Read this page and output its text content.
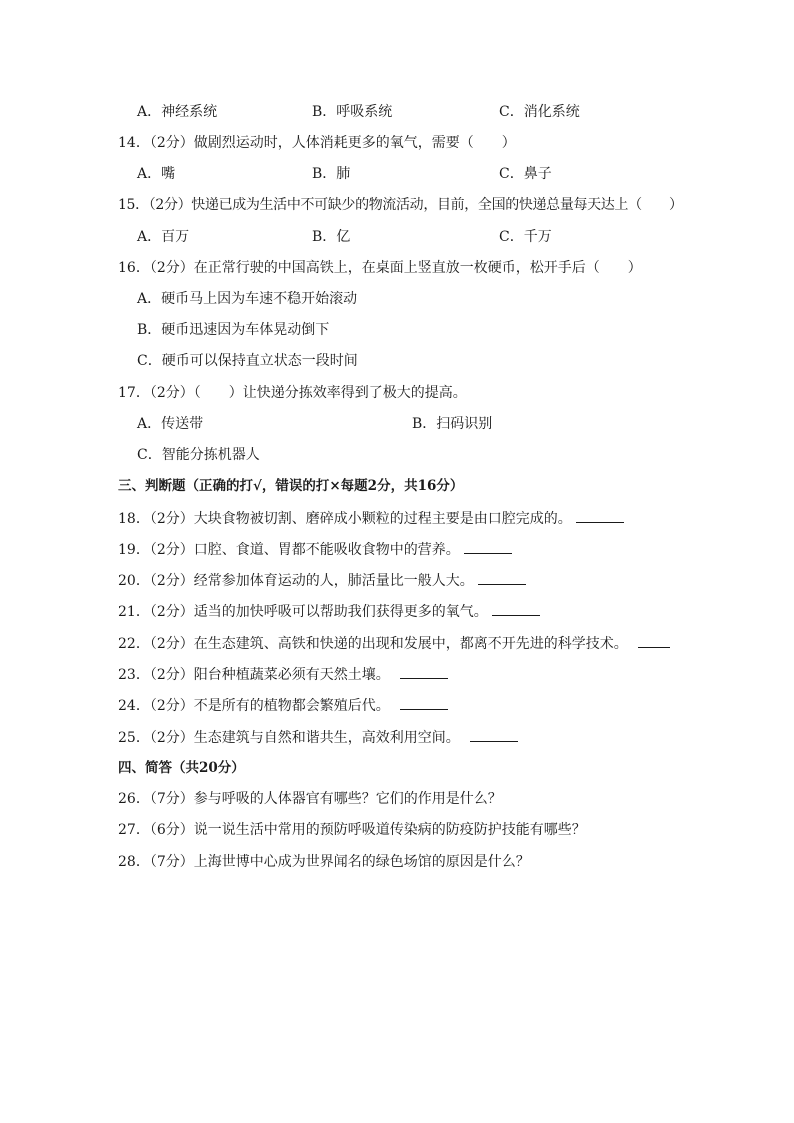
A．神经系统	B．呼吸系统	C．消化系统
14．（2分）做剧烈运动时，人体消耗更多的氧气，需要（　　）
A．嘴	B．肺	C．鼻子
15．（2分）快递已成为生活中不可缺少的物流活动，目前，全国的快递总量每天达上（　　）
A．百万	B．亿	C．千万
16．（2分）在正常行驶的中国高铁上，在桌面上竖直放一枚硬币，松开手后（　　）
A．硬币马上因为车速不稳开始滚动
B．硬币迅速因为车体晃动倒下
C．硬币可以保持直立状态一段时间
17．（2分）（　　）让快递分拣效率得到了极大的提高。
A．传送带	B．扫码识别
C．智能分拣机器人
三、判断题（正确的打√，错误的打×每题2分，共16分）
18．（2分）大块食物被切割、磨碎成小颗粒的过程主要是由口腔完成的。
19．（2分）口腔、食道、胃都不能吸收食物中的营养。
20．（2分）经常参加体育运动的人，肺活量比一般人大。
21．（2分）适当的加快呼吸可以帮助我们获得更多的氧气。
22．（2分）在生态建筑、高铁和快递的出现和发展中，都离不开先进的科学技术。
23．（2分）阳台种植蔬菜必须有天然土壤。
24．（2分）不是所有的植物都会繁殖后代。
25．（2分）生态建筑与自然和谐共生，高效利用空间。
四、简答（共20分）
26．（7分）参与呼吸的人体器官有哪些？它们的作用是什么？
27．（6分）说一说生活中常用的预防呼吸道传染病的防疫防护技能有哪些？
28．（7分）上海世博中心成为世界闻名的绿色场馆的原因是什么？
